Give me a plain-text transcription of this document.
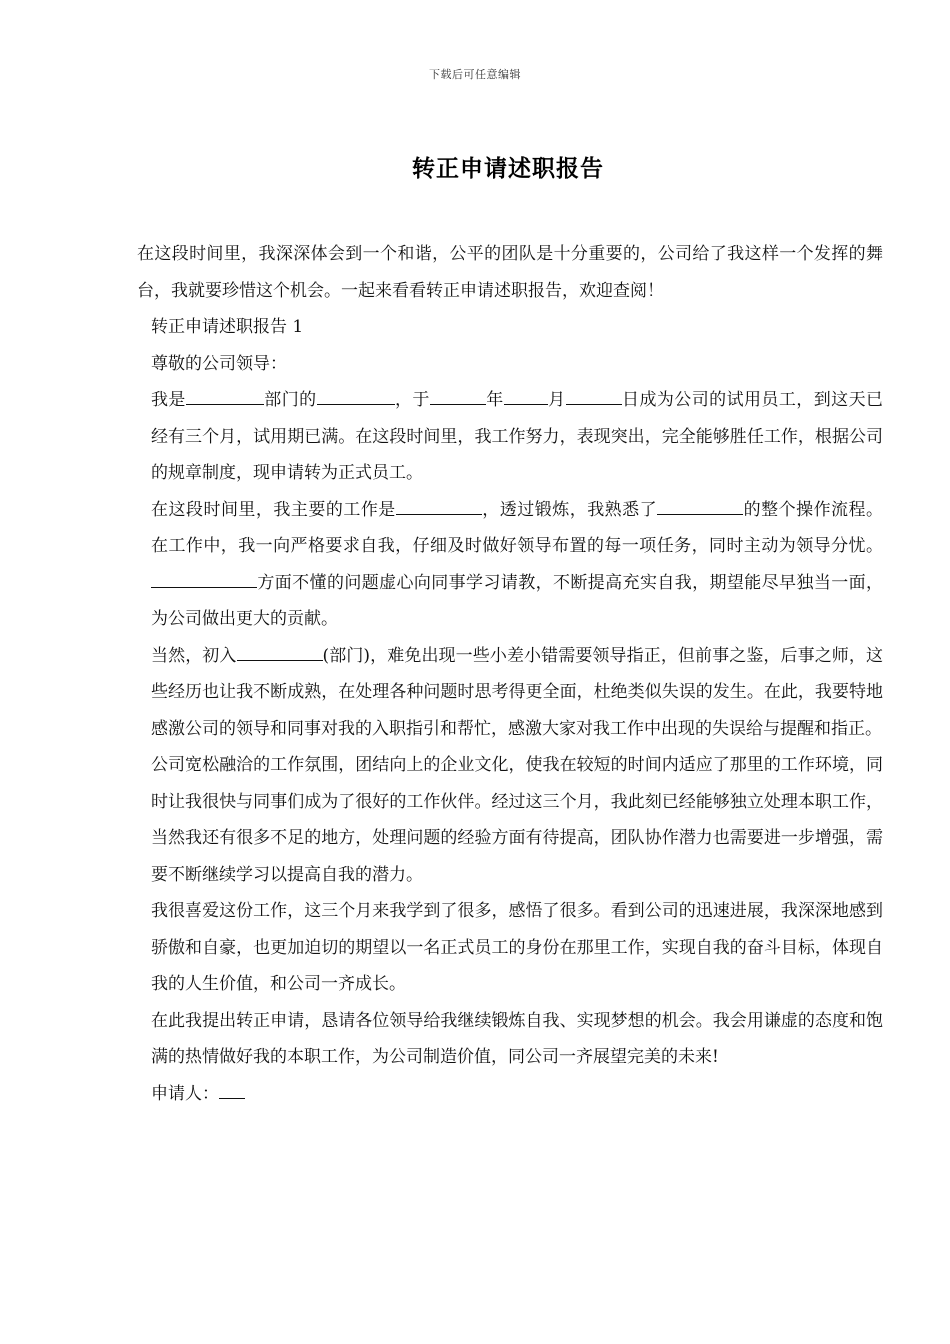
下载后可任意编辑
转正申请述职报告

在这段时间里，我深深体会到一个和谐，公平的团队是十分重要的，公司给了我这样一个发挥的舞台，我就要珍惜这个机会。一起来看看转正申请述职报告，欢迎查阅！

转正申请述职报告 1

尊敬的公司领导：

我是	部门的	，于	年	月	日成为公司的试用员工，到这天已经有三个月，试用期已满。在这段时间里，我工作努力，表现突出，完全能够胜任工作，根据公司的规章制度，现申请转为正式员工。

在这段时间里，我主要的工作是	，透过锻炼，我熟悉了	的整个操作流程。在工作中，我一向严格要求自我，仔细及时做好领导布置的每一项任务，同时主动为领导分忧。方面不懂的问题虚心向同事学习请教，不断提高充实自我，期望能尽早独当一面，为公司做出更大的贡献。

当然，初入	(部门)，难免出现一些小差小错需要领导指正，但前事之鉴，后事之师，这些经历也让我不断成熟，在处理各种问题时思考得更全面，杜绝类似失误的发生。在此，我要特地感激公司的领导和同事对我的入职指引和帮忙，感激大家对我工作中出现的失误给与提醒和指正。

公司宽松融洽的工作氛围，团结向上的企业文化，使我在较短的时间内适应了那里的工作环境，同时让我很快与同事们成为了很好的工作伙伴。经过这三个月，我此刻已经能够独立处理本职工作，当然我还有很多不足的地方，处理问题的经验方面有待提高，团队协作潜力也需要进一步增强，需要不断继续学习以提高自我的潜力。

我很喜爱这份工作，这三个月来我学到了很多，感悟了很多。看到公司的迅速进展，我深深地感到骄傲和自豪，也更加迫切的期望以一名正式员工的身份在那里工作，实现自我的奋斗目标，体现自我的人生价值，和公司一齐成长。

在此我提出转正申请，恳请各位领导给我继续锻炼自我、实现梦想的机会。我会用谦虚的态度和饱满的热情做好我的本职工作，为公司制造价值，同公司一齐展望完美的未来!

申请人：
